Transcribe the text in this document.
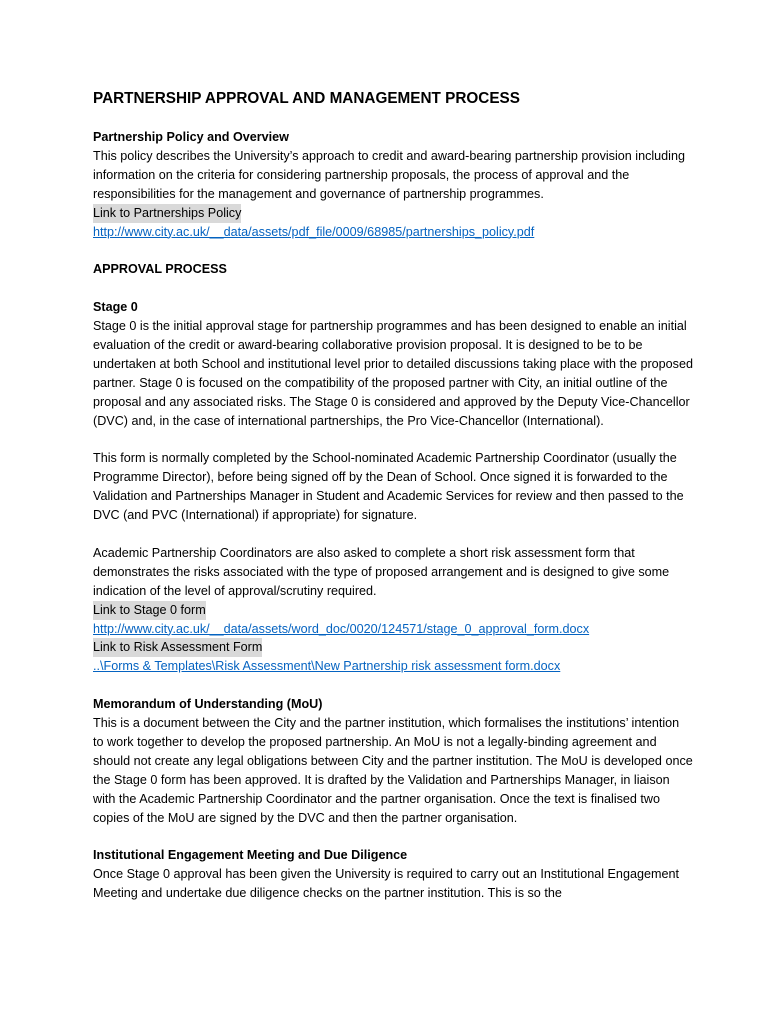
PARTNERSHIP APPROVAL AND MANAGEMENT PROCESS
Partnership Policy and Overview

This policy describes the University’s approach to credit and award-bearing partnership provision including information on the criteria for considering partnership proposals, the process of approval and the responsibilities for the management and governance of partnership programmes.

Link to Partnerships Policy
http://www.city.ac.uk/__data/assets/pdf_file/0009/68985/partnerships_policy.pdf
APPROVAL PROCESS
Stage 0

Stage 0 is the initial approval stage for partnership programmes and has been designed to enable an initial evaluation of the credit or award-bearing collaborative provision proposal. It is designed to be to be undertaken at both School and institutional level prior to detailed discussions taking place with the proposed partner. Stage 0 is focused on the compatibility of the proposed partner with City, an initial outline of the proposal and any associated risks. The Stage 0 is considered and approved by the Deputy Vice-Chancellor (DVC) and, in the case of international partnerships, the Pro Vice-Chancellor (International).

This form is normally completed by the School-nominated Academic Partnership Coordinator (usually the Programme Director), before being signed off by the Dean of School. Once signed it is forwarded to the Validation and Partnerships Manager in Student and Academic Services for review and then passed to the DVC (and PVC (International) if appropriate) for signature.

Academic Partnership Coordinators are also asked to complete a short risk assessment form that demonstrates the risks associated with the type of proposed arrangement and is designed to give some indication of the level of approval/scrutiny required.

Link to Stage 0 form
http://www.city.ac.uk/__data/assets/word_doc/0020/124571/stage_0_approval_form.docx
Link to Risk Assessment Form
..\Forms & Templates\Risk Assessment\New Partnership risk assessment form.docx
Memorandum of Understanding (MoU)

This is a document between the City and the partner institution, which formalises the institutions’ intention to work together to develop the proposed partnership. An MoU is not a legally-binding agreement and should not create any legal obligations between City and the partner institution. The MoU is developed once the Stage 0 form has been approved. It is drafted by the Validation and Partnerships Manager, in liaison with the Academic Partnership Coordinator and the partner organisation. Once the text is finalised two copies of the MoU are signed by the DVC and then the partner organisation.

Institutional Engagement Meeting and Due Diligence

Once Stage 0 approval has been given the University is required to carry out an Institutional Engagement Meeting and undertake due diligence checks on the partner institution. This is so the
